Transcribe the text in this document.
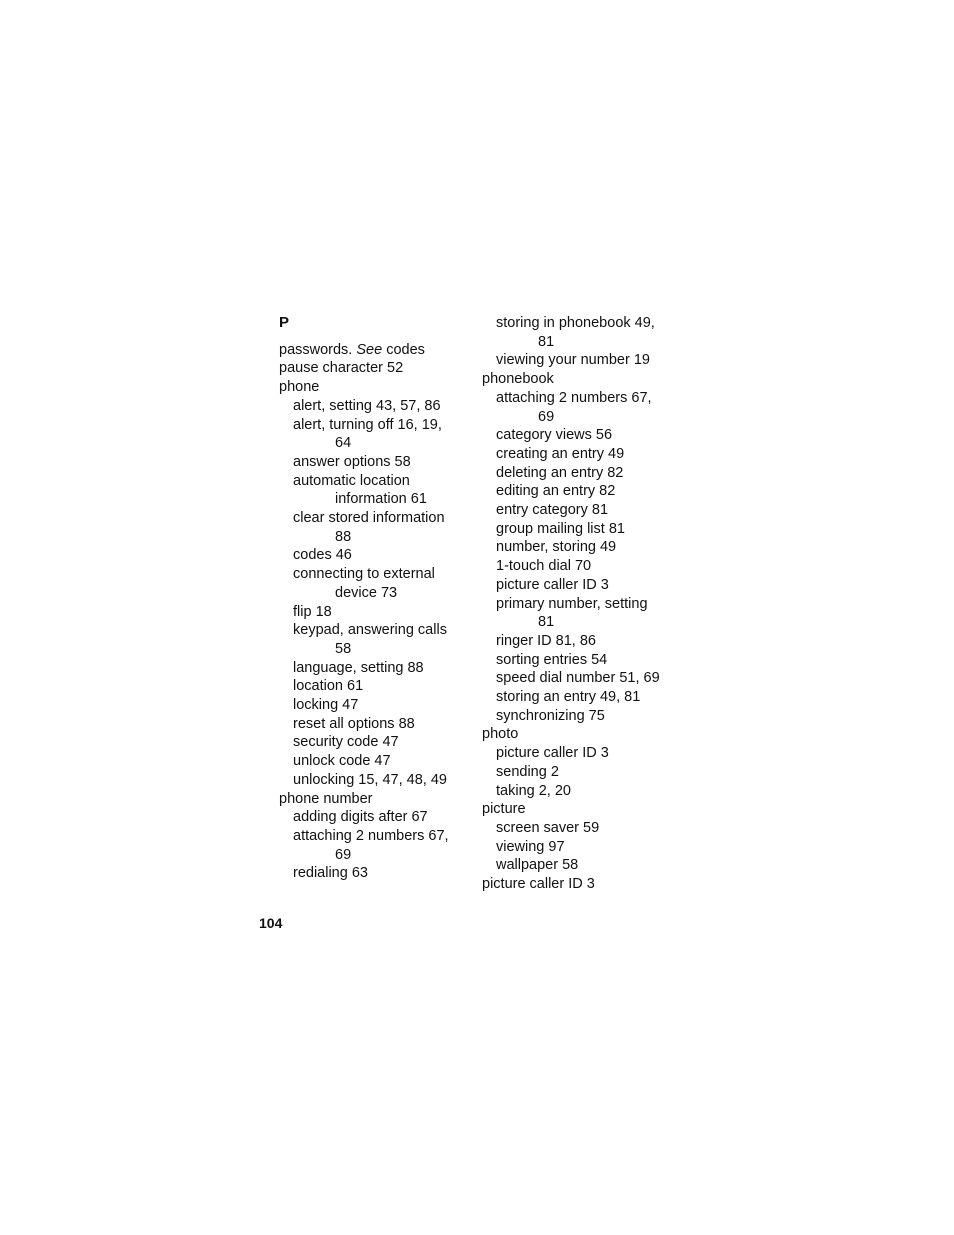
P
passwords. See codes
pause character 52
phone
alert, setting 43, 57, 86
alert, turning off 16, 19,
64
answer options 58
automatic location
information 61
clear stored information
88
codes 46
connecting to external
device 73
flip 18
keypad, answering calls
58
language, setting 88
location 61
locking 47
reset all options 88
security code 47
unlock code 47
unlocking 15, 47, 48, 49
phone number
adding digits after 67
attaching 2 numbers 67,
69
redialing 63
storing in phonebook 49,
81
viewing your number 19
phonebook
attaching 2 numbers 67,
69
category views 56
creating an entry 49
deleting an entry 82
editing an entry 82
entry category 81
group mailing list 81
number, storing 49
1-touch dial 70
picture caller ID 3
primary number, setting
81
ringer ID 81, 86
sorting entries 54
speed dial number 51, 69
storing an entry 49, 81
synchronizing 75
photo
picture caller ID 3
sending 2
taking 2, 20
picture
screen saver 59
viewing 97
wallpaper 58
picture caller ID 3
104
